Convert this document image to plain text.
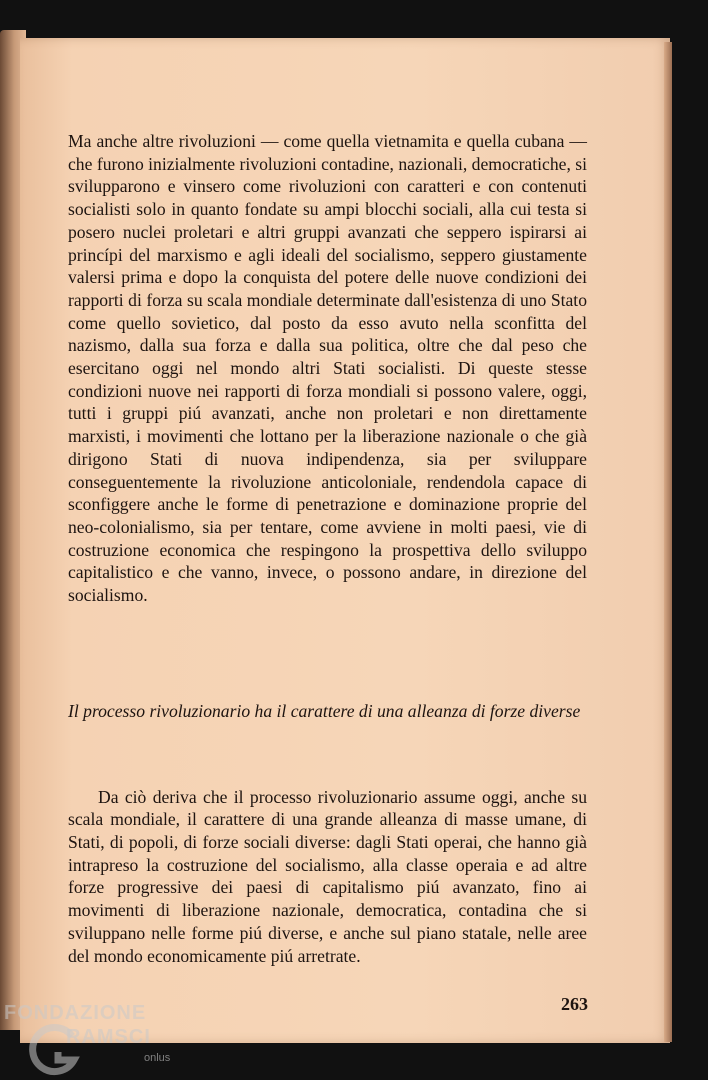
Ma anche altre rivoluzioni — come quella vietnamita e quella cubana — che furono inizialmente rivoluzioni contadine, nazionali, democratiche, si svilupparono e vinsero come rivoluzioni con caratteri e con contenuti socialisti solo in quanto fondate su ampi blocchi sociali, alla cui testa si posero nuclei proletari e altri gruppi avanzati che seppero ispirarsi ai princípi del marxismo e agli ideali del socialismo, seppero giustamente valersi prima e dopo la conquista del potere delle nuove condizioni dei rapporti di forza su scala mondiale determinate dall'esistenza di uno Stato come quello sovietico, dal posto da esso avuto nella sconfitta del nazismo, dalla sua forza e dalla sua politica, oltre che dal peso che esercitano oggi nel mondo altri Stati socialisti. Di queste stesse condizioni nuove nei rapporti di forza mondiali si possono valere, oggi, tutti i gruppi piú avanzati, anche non proletari e non direttamente marxisti, i movimenti che lottano per la liberazione nazionale o che già dirigono Stati di nuova indipendenza, sia per sviluppare conseguentemente la rivoluzione anticoloniale, rendendola capace di sconfiggere anche le forme di penetrazione e dominazione proprie del neo-colonialismo, sia per tentare, come avviene in molti paesi, vie di costruzione economica che respingono la prospettiva dello sviluppo capitalistico e che vanno, invece, o possono andare, in direzione del socialismo.

Il processo rivoluzionario ha il carattere di una alleanza di forze diverse

Da ciò deriva che il processo rivoluzionario assume oggi, anche su scala mondiale, il carattere di una grande alleanza di masse umane, di Stati, di popoli, di forze sociali diverse: dagli Stati operai, che hanno già intrapreso la costruzione del socialismo, alla classe operaia e ad altre forze progressive dei paesi di capitalismo piú avanzato, fino ai movimenti di liberazione nazionale, democratica, contadina che si sviluppano nelle forme piú diverse, e anche sul piano statale, nelle aree del mondo economicamente piú arretrate.

263
FONDAZIONE
RAMSCI
onlus
